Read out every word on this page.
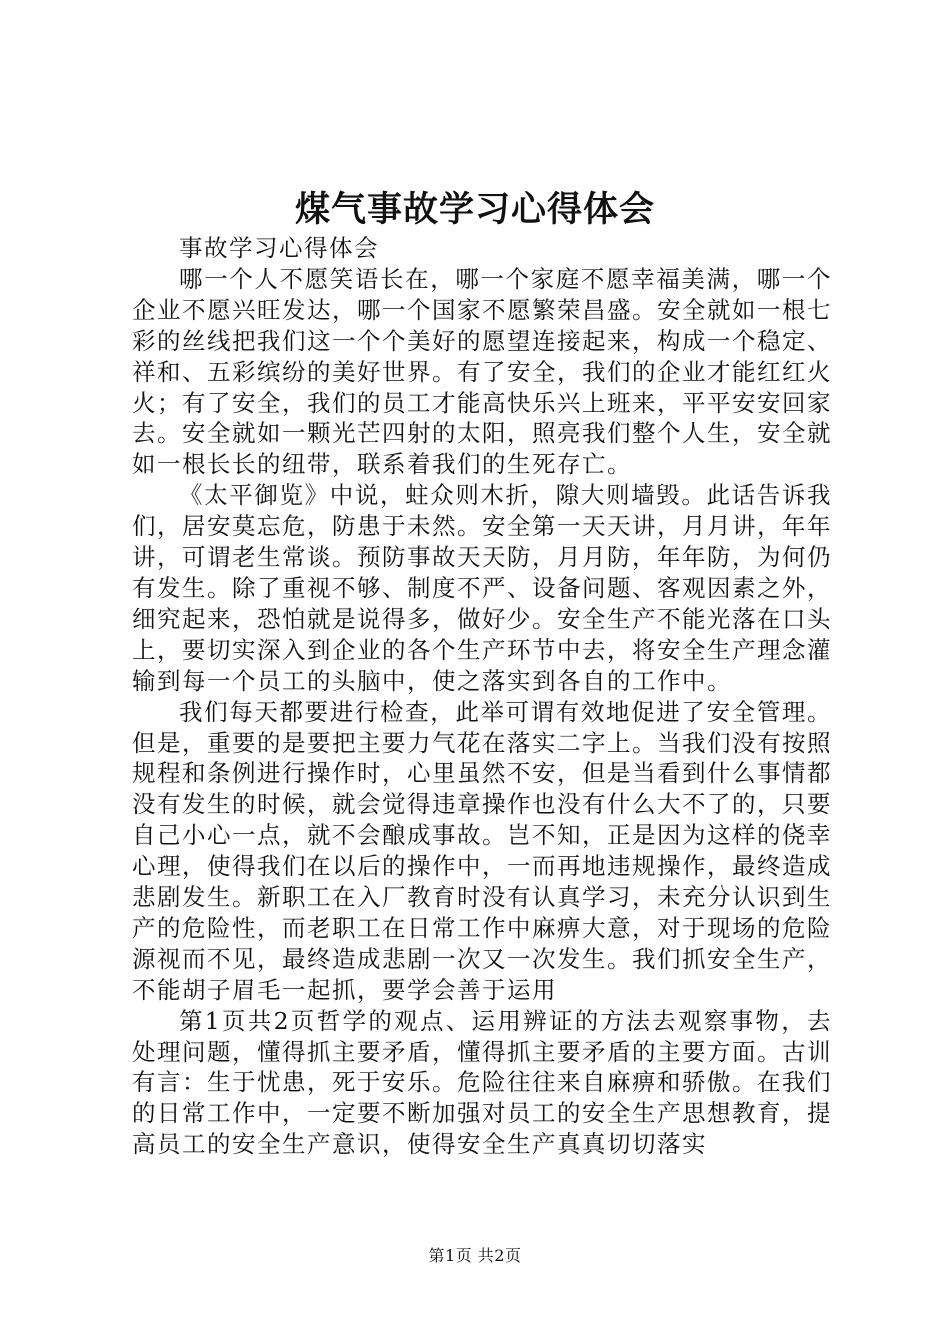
煤气事故学习心得体会

事故学习心得体会

哪一个人不愿笑语长在，哪一个家庭不愿幸福美满，哪一个企业不愿兴旺发达，哪一个国家不愿繁荣昌盛。安全就如一根七彩的丝线把我们这一个个美好的愿望连接起来，构成一个稳定、祥和、五彩缤纷的美好世界。有了安全，我们的企业才能红红火火；有了安全，我们的员工才能高快乐兴上班来，平平安安回家去。安全就如一颗光芒四射的太阳，照亮我们整个人生，安全就如一根长长的纽带，联系着我们的生死存亡。

《太平御览》中说，蛀众则木折，隙大则墙毁。此话告诉我们，居安莫忘危，防患于未然。安全第一天天讲，月月讲，年年讲，可谓老生常谈。预防事故天天防，月月防，年年防，为何仍有发生。除了重视不够、制度不严、设备问题、客观因素之外，细究起来，恐怕就是说得多，做好少。安全生产不能光落在口头上，要切实深入到企业的各个生产环节中去，将安全生产理念灌输到每一个员工的头脑中，使之落实到各自的工作中。

我们每天都要进行检查，此举可谓有效地促进了安全管理。但是，重要的是要把主要力气花在落实二字上。当我们没有按照规程和条例进行操作时，心里虽然不安，但是当看到什么事情都没有发生的时候，就会觉得违章操作也没有什么大不了的，只要自己小心一点，就不会酿成事故。岂不知，正是因为这样的侥幸心理，使得我们在以后的操作中，一而再地违规操作，最终造成悲剧发生。新职工在入厂教育时没有认真学习，未充分认识到生产的危险性，而老职工在日常工作中麻痹大意，对于现场的危险源视而不见，最终造成悲剧一次又一次发生。我们抓安全生产，不能胡子眉毛一起抓，要学会善于运用

第1页共2页哲学的观点、运用辨证的方法去观察事物，去处理问题，懂得抓主要矛盾，懂得抓主要矛盾的主要方面。古训有言：生于忧患，死于安乐。危险往往来自麻痹和骄傲。在我们的日常工作中，一定要不断加强对员工的安全生产思想教育，提高员工的安全生产意识，使得安全生产真真切切落实

第1页 共2页
